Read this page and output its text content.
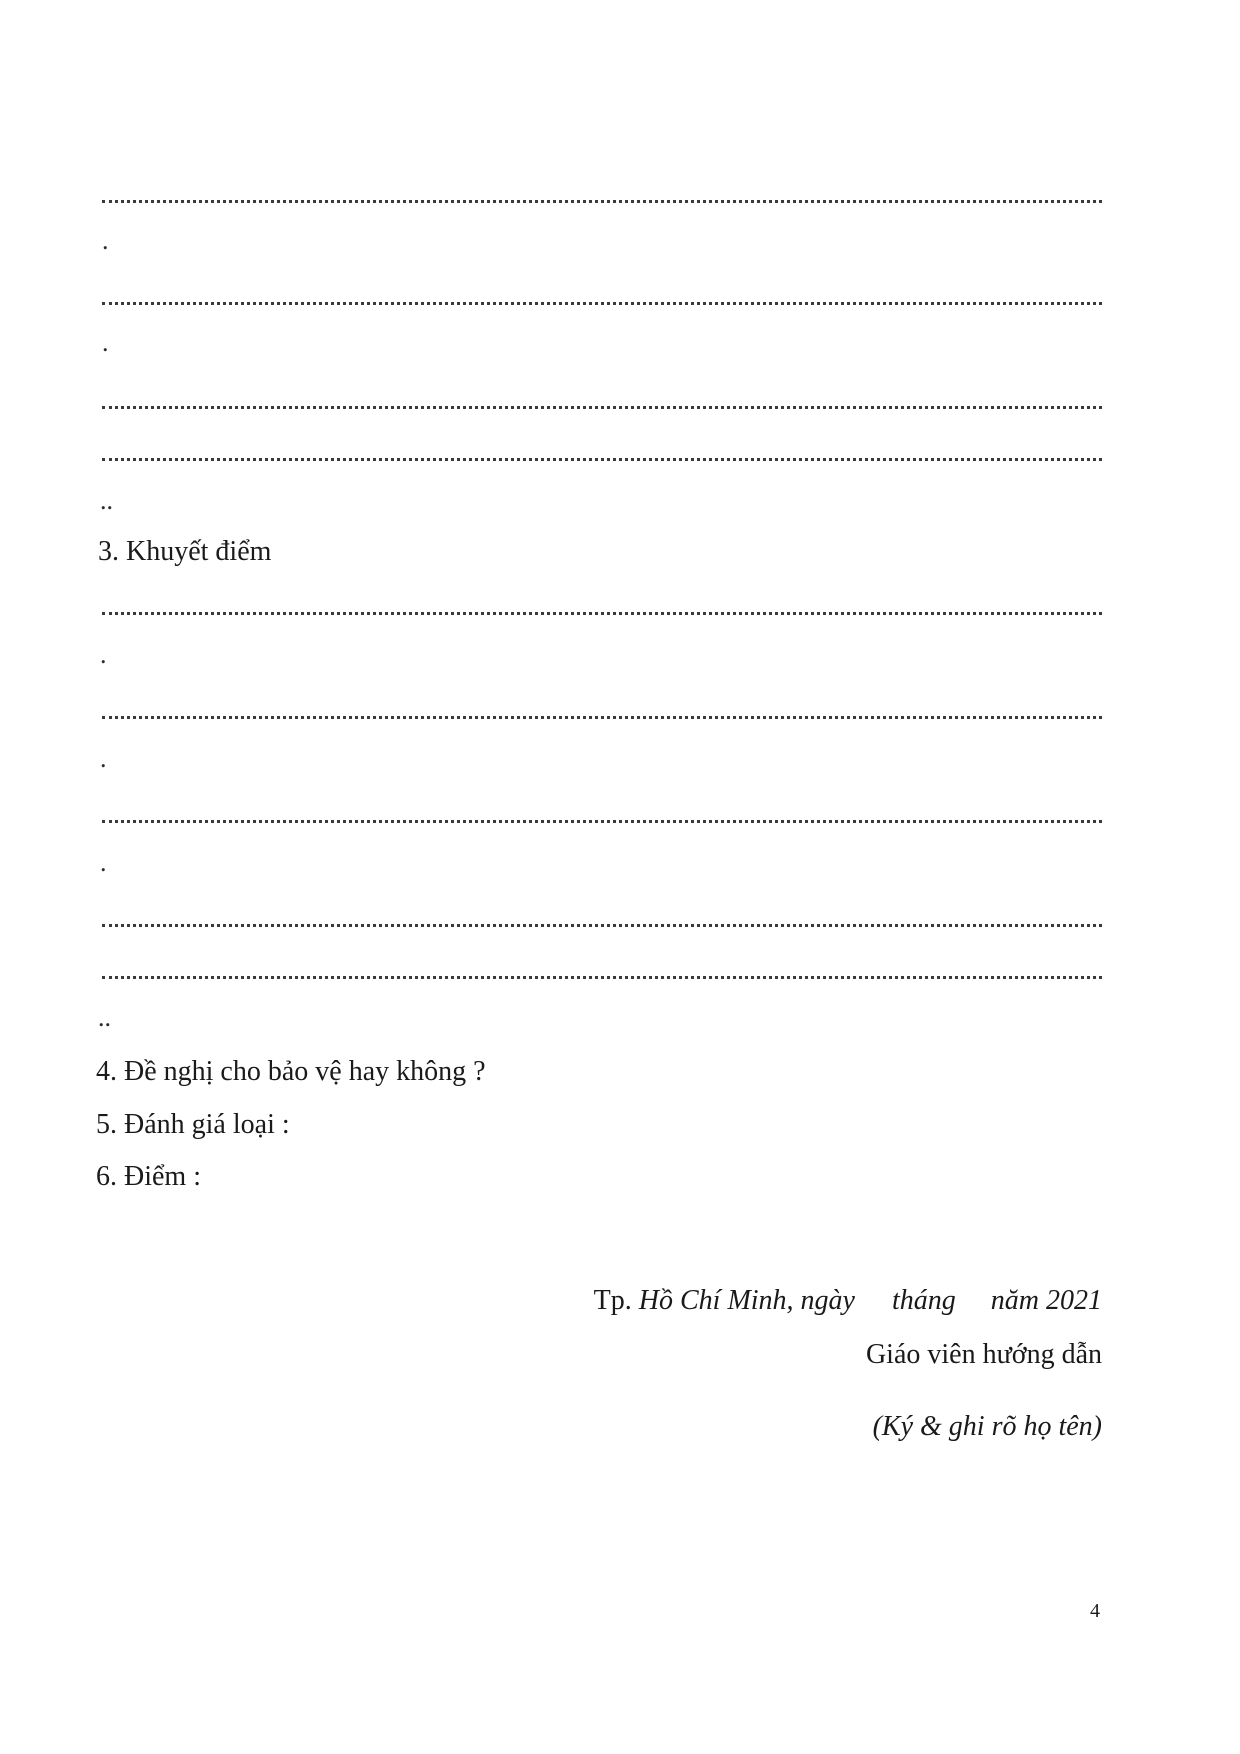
.
.
..
3. Khuyết điểm
.
.
.
..
4. Đề nghị cho bảo vệ hay không ?
5. Đánh giá loại :
6. Điểm :
Tp. Hồ Chí Minh, ngày tháng năm 2021
Giáo viên hướng dẫn
(Ký & ghi rõ họ tên)
4
